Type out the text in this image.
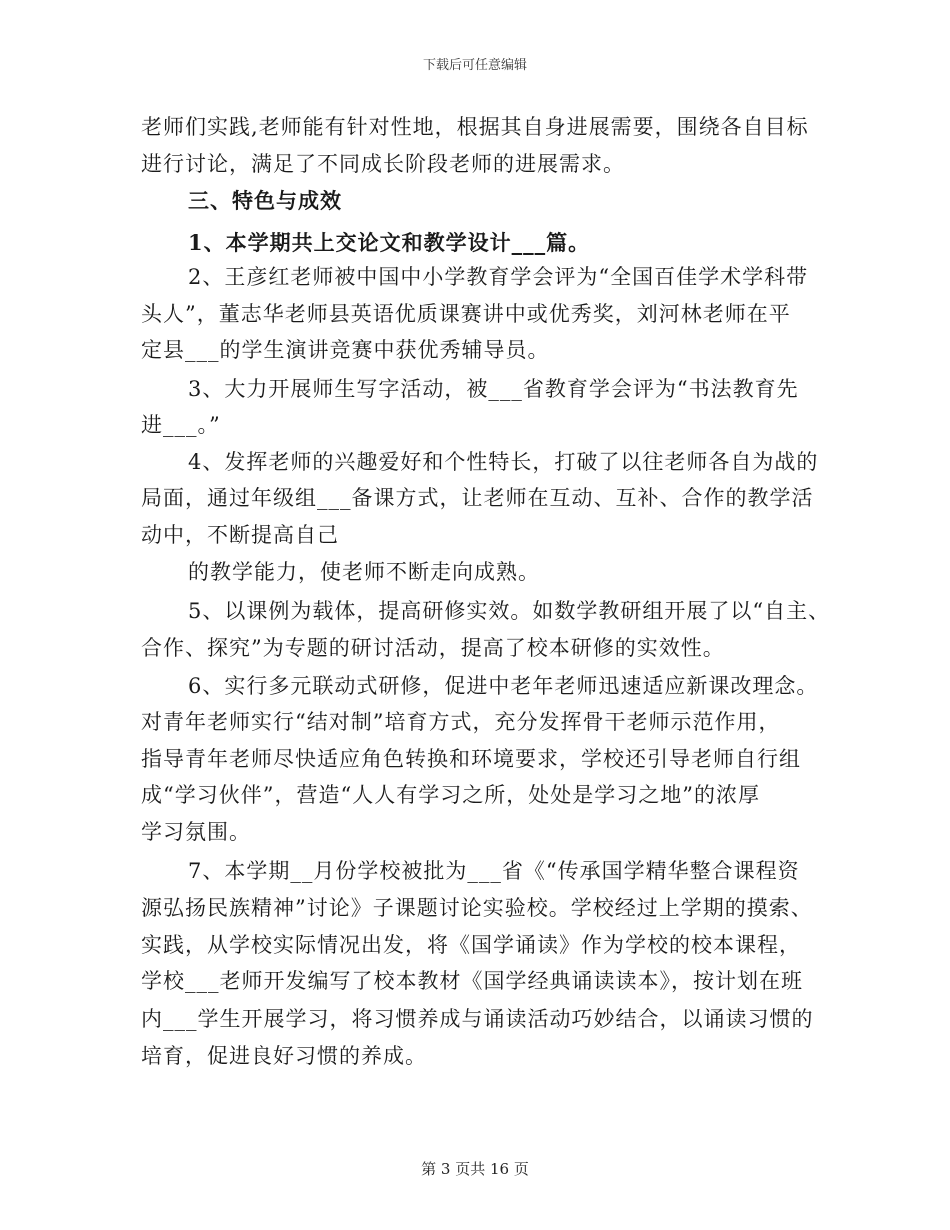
下载后可任意编辑
老师们实践,老师能有针对性地，根据其自身进展需要，围绕各自目标
进行讨论，满足了不同成长阶段老师的进展需求。
三、特色与成效
1、本学期共上交论文和教学设计___篇。
2、王彦红老师被中国中小学教育学会评为“全国百佳学术学科带
头人”，董志华老师县英语优质课赛讲中或优秀奖，刘河林老师在平
定县___的学生演讲竞赛中获优秀辅导员。
3、大力开展师生写字活动，被___省教育学会评为“书法教育先
进___。”
4、发挥老师的兴趣爱好和个性特长，打破了以往老师各自为战的
局面，通过年级组___备课方式，让老师在互动、互补、合作的教学活
动中，不断提高自己
的教学能力，使老师不断走向成熟。
5、以课例为载体，提高研修实效。如数学教研组开展了以“自主、
合作、探究”为专题的研讨活动，提高了校本研修的实效性。
6、实行多元联动式研修，促进中老年老师迅速适应新课改理念。
对青年老师实行“结对制”培育方式，充分发挥骨干老师示范作用，
指导青年老师尽快适应角色转换和环境要求，学校还引导老师自行组
成“学习伙伴”，营造“人人有学习之所，处处是学习之地”的浓厚
学习氛围。
7、本学期__月份学校被批为___省《“传承国学精华整合课程资
源弘扬民族精神”讨论》子课题讨论实验校。学校经过上学期的摸索、
实践，从学校实际情况出发，将《国学诵读》作为学校的校本课程，
学校___老师开发编写了校本教材《国学经典诵读读本》，按计划在班
内___学生开展学习，将习惯养成与诵读活动巧妙结合，以诵读习惯的
培育，促进良好习惯的养成。
第 3 页共 16 页
